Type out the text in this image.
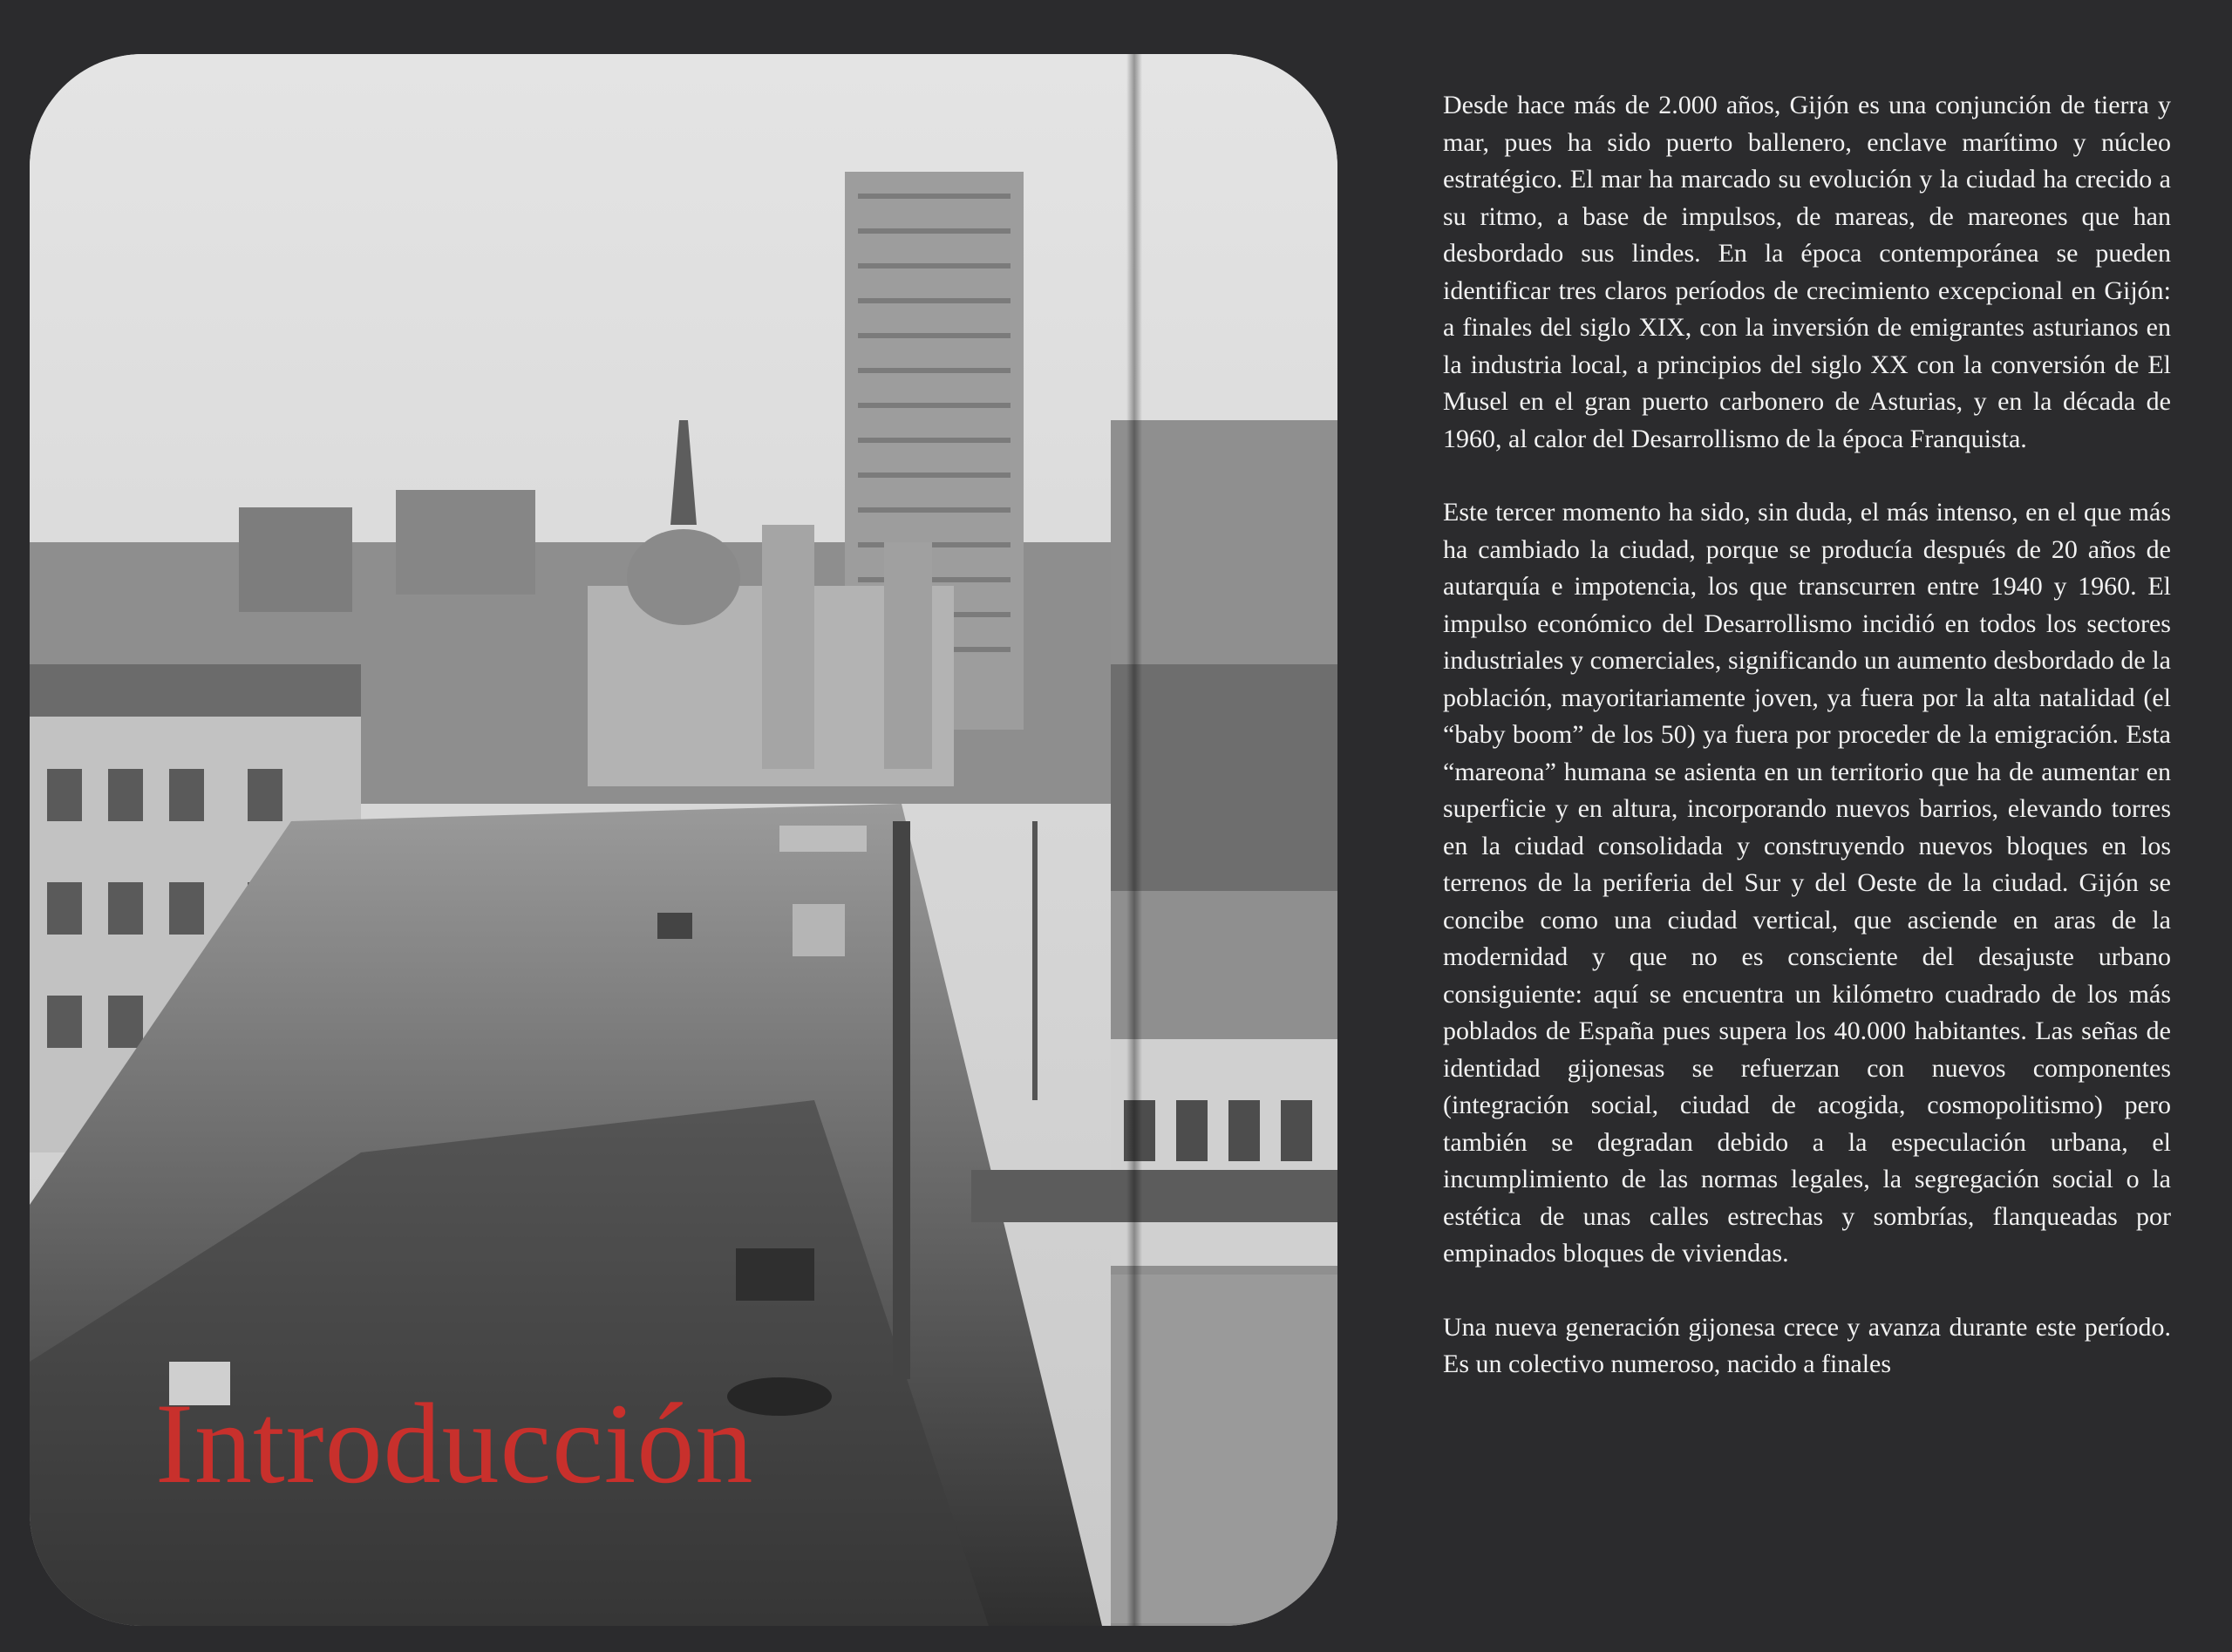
Introducción

Desde hace más de 2.000 años, Gijón es una conjunción de tierra y mar, pues ha sido puerto ballenero, enclave marítimo y núcleo estratégico. El mar ha marcado su evolución y la ciudad ha crecido a su ritmo, a base de impulsos, de mareas, de mareones que han desbordado sus lindes. En la época contemporánea se pueden identificar tres claros períodos de crecimiento excepcional en Gijón: a finales del siglo XIX, con la inversión de emigrantes asturianos en la industria local, a principios del siglo XX con la conversión de El Musel en el gran puerto carbonero de Asturias, y en la década de 1960, al calor del Desarrollismo de la época Franquista.

Este tercer momento ha sido, sin duda, el más intenso, en el que más ha cambiado la ciudad, porque se producía después de 20 años de autarquía e impotencia, los que transcurren entre 1940 y 1960. El impulso económico del Desarrollismo incidió en todos los sectores industriales y comerciales, significando un aumento desbordado de la población, mayoritariamente joven, ya fuera por la alta natalidad (el “baby boom” de los 50) ya fuera por proceder de la emigración. Esta “mareona” humana se asienta en un territorio que ha de aumentar en superficie y en altura, incorporando nuevos barrios, elevando torres en la ciudad consolidada y construyendo nuevos bloques en los terrenos de la periferia del Sur y del Oeste de la ciudad. Gijón se concibe como una ciudad vertical, que asciende en aras de la modernidad y que no es consciente del desajuste urbano consiguiente: aquí se encuentra un kilómetro cuadrado de los más poblados de España pues supera los 40.000 habitantes. Las señas de identidad gijonesas se refuerzan con nuevos componentes (integración social, ciudad de acogida, cosmopolitismo) pero también se degradan debido a la especulación urbana, el incumplimiento de las normas legales, la segregación social o la estética de unas calles estrechas y sombrías, flanqueadas por empinados bloques de viviendas.

Una nueva generación gijonesa crece y avanza durante este período. Es un colectivo numeroso, nacido a finales
